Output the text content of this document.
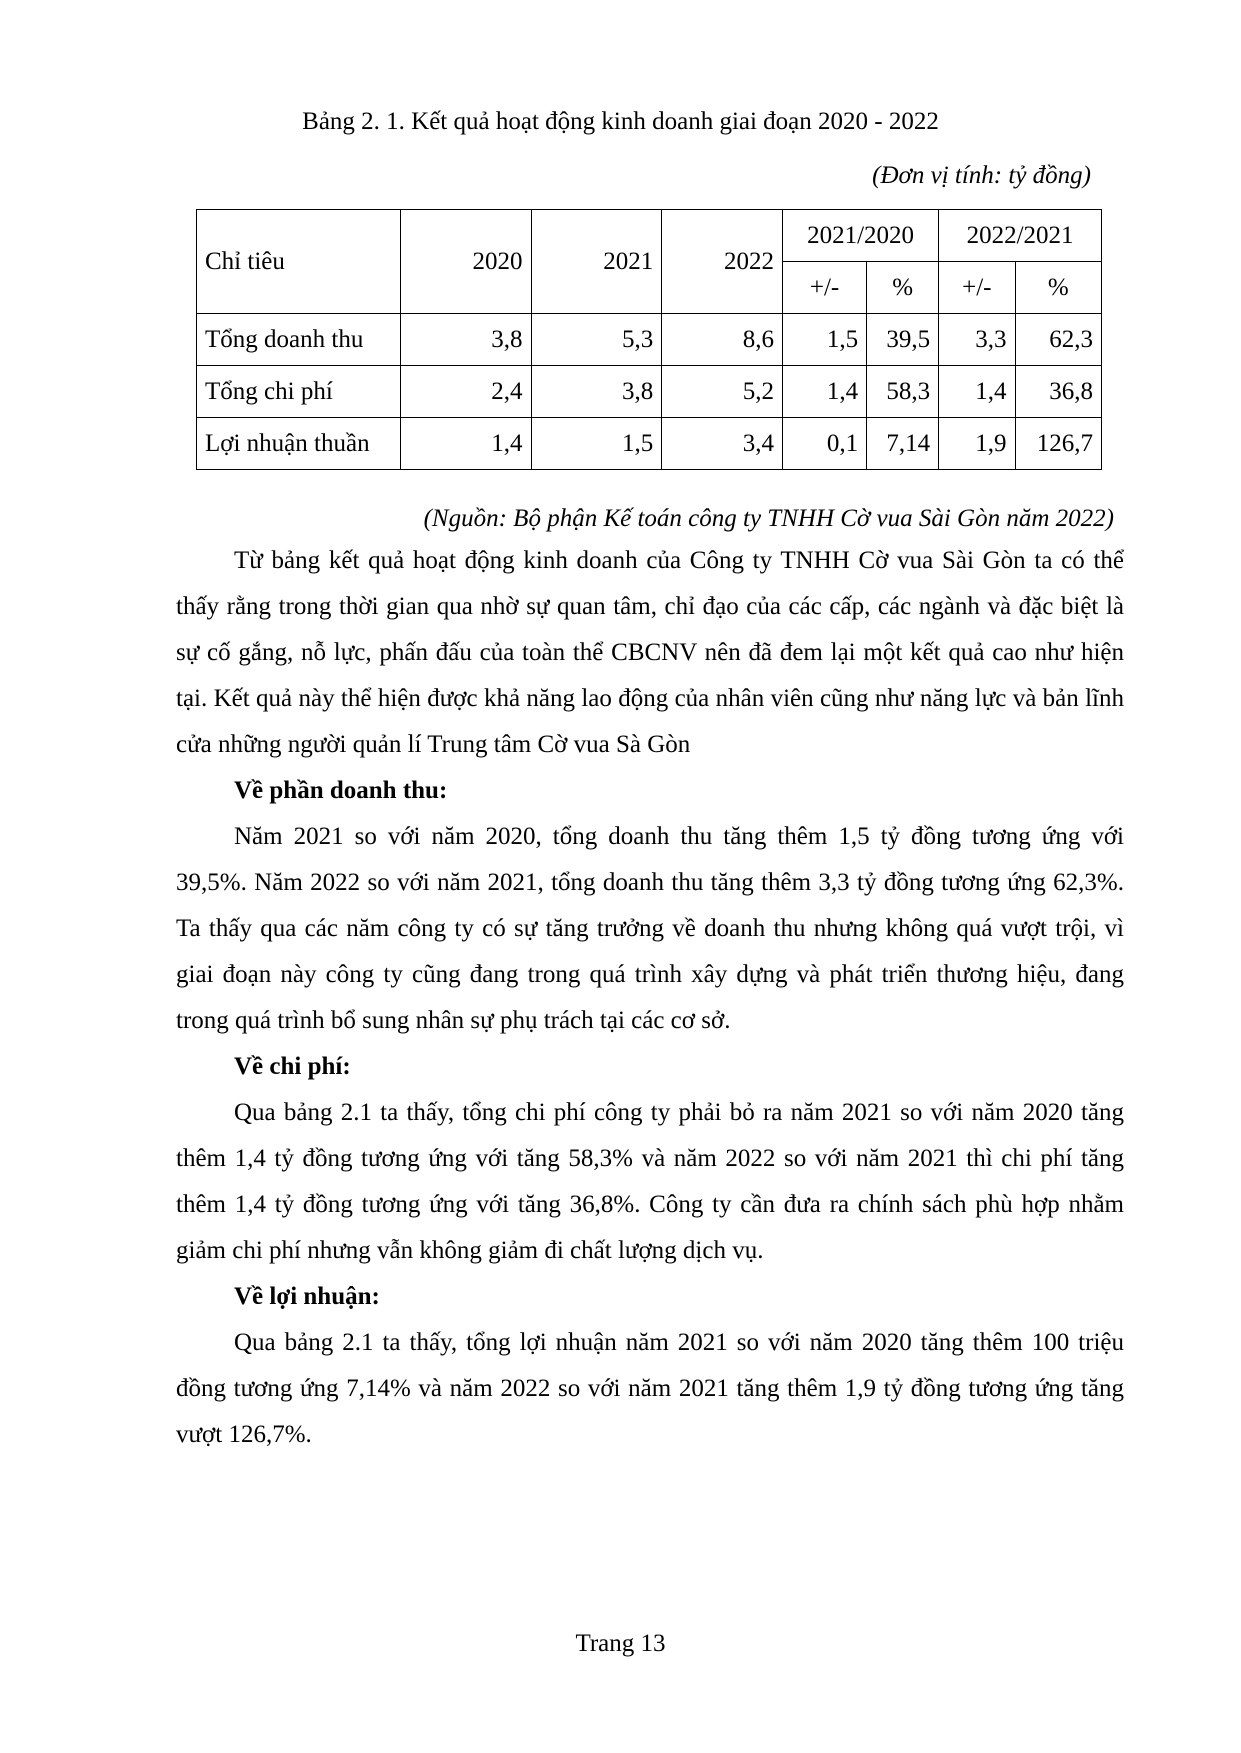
Bảng 2. 1. Kết quả hoạt động kinh doanh giai đoạn 2020 - 2022
(Đơn vị tính: tỷ đồng)
Chỉ tiêu	2020	2021	2022	2021/2020		2022/2021	
				+/-	%	+/-	%
Tổng doanh thu	3,8	5,3	8,6	1,5	39,5	3,3	62,3
Tổng chi phí	2,4	3,8	5,2	1,4	58,3	1,4	36,8
Lợi nhuận thuần	1,4	1,5	3,4	0,1	7,14	1,9	126,7
(Nguồn: Bộ phận Kế toán công ty TNHH Cờ vua Sài Gòn năm 2022)

Từ bảng kết quả hoạt động kinh doanh của Công ty TNHH Cờ vua Sài Gòn ta có thể thấy rằng trong thời gian qua nhờ sự quan tâm, chỉ đạo của các cấp, các ngành và đặc biệt là sự cố gắng, nỗ lực, phấn đấu của toàn thể CBCNV nên đã đem lại một kết quả cao như hiện tại. Kết quả này thể hiện được khả năng lao động của nhân viên cũng như năng lực và bản lĩnh cửa những người quản lí Trung tâm Cờ vua Sà Gòn

Về phần doanh thu:

Năm 2021 so với năm 2020, tổng doanh thu tăng thêm 1,5 tỷ đồng tương ứng với 39,5%. Năm 2022 so với năm 2021, tổng doanh thu tăng thêm 3,3 tỷ đồng tương ứng 62,3%. Ta thấy qua các năm công ty có sự tăng trưởng về doanh thu nhưng không quá vượt trội, vì giai đoạn này công ty cũng đang trong quá trình xây dựng và phát triển thương hiệu, đang trong quá trình bổ sung nhân sự phụ trách tại các cơ sở.

Về chi phí:

Qua bảng 2.1 ta thấy, tổng chi phí công ty phải bỏ ra năm 2021 so với năm 2020 tăng thêm 1,4 tỷ đồng tương ứng với tăng 58,3% và năm 2022 so với năm 2021 thì chi phí tăng thêm 1,4 tỷ đồng tương ứng với tăng 36,8%. Công ty cần đưa ra chính sách phù hợp nhằm giảm chi phí nhưng vẫn không giảm đi chất lượng dịch vụ.

Về lợi nhuận:

Qua bảng 2.1 ta thấy, tổng lợi nhuận năm 2021 so với năm 2020 tăng thêm 100 triệu đồng tương ứng 7,14% và năm 2022 so với năm 2021 tăng thêm 1,9 tỷ đồng tương ứng tăng vượt 126,7%.

Trang 13
